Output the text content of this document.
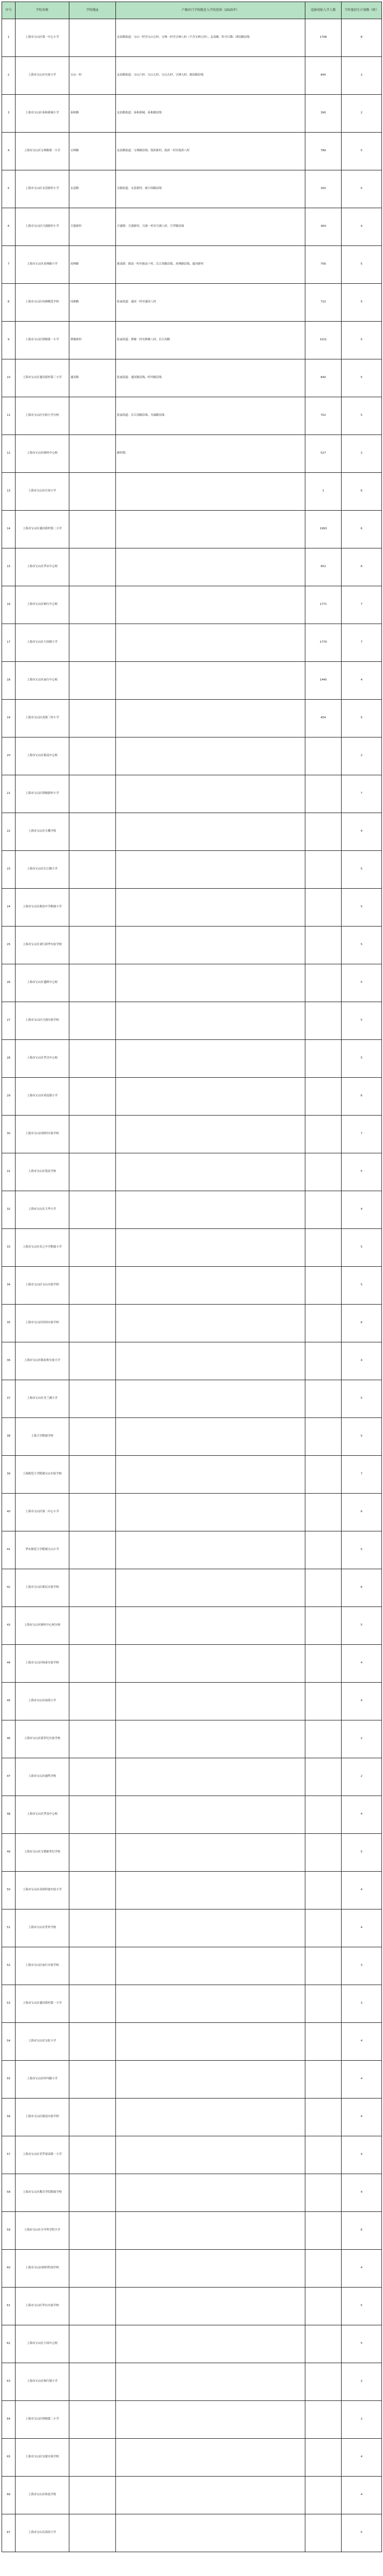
序号	学校名称	学校地址	户籍对口学校就近入学的范围（2025年）	适龄初始入学人数	当年度招生计划数（班）
1	上海市宝山区第一中心小学		友谊路街道：宝山一村至宝山五村、宝林一村至宝林八村（不含宝林五村）；友谊路、牡丹江路、团结路沿线	1708	8
2	上海市宝山区实验小学	宝山一村	友谊路街道：宝山六村、宝山七村、宝山九村、宝林九村、淞滨路沿线	840	2
3	上海市宝山区泰和新城小学	泰和路	友谊路街道：泰和新城、泰和路沿线	390	2
4	上海市宝山区宝林路第一小学	宝林路	友谊路街道：宝林路沿线、海滨新村、海滨一村至海滨八村	789	5
5	上海市宝山区永清新村小学	永清路	吴淞街道：永清新村、淞兴西路沿线	300	5
6	上海市宝山区月浦新村小学	月浦新村	月浦镇：月浦新村、月浦一村至月浦八村、月罗路沿线	364	4
7	上海市宝山区虎林路小学	虎林路	淞南镇：淞南一村至淞南十村、长江西路沿线、虎林路沿线、通河新村	756	5
8	上海市宝山区同洲模范学校	同洲路	张庙街道：通河一村至通河八村	710	5
9	上海市宝山区泗塘第一小学	泗塘新村	张庙街道：泗塘一村至泗塘八村、长江西路	1021	5
10	上海市宝山区通河新村第三小学	通河路	张庙街道：通河路沿线、呼玛路沿线	840	5
11	上海市宝山区实验小学分校		张庙街道：长江西路沿线、共康路沿线	702	5
12	上海市宝山区顾村中心校		顾村镇：	527	2
13	上海市宝山区行知小学			1	6
14	上海市宝山区通河新村第二小学			1993	6
15	上海市宝山区罗店中心校			652	6
16	上海市宝山区杨行中心校			1771	7
17	上海市宝山区大场镇小学			1779	7
18	上海市宝山区庙行中心校			1440	4
19	上海市宝山区高境三村小学			454	5
20	上海市宝山区淞南中心校				2
21	上海市宝山区泗塘新村小学				7
22	上海市宝山区天馨学校				4
23	上海市宝山区长江路小学				5
24	上海市宝山区淞谊中学附属小学				5
25	上海市宝山区刘行新华实验学校				5
26	上海市宝山区盛桥中心校				5
27	上海市宝山区月浦实验学校				5
28	上海市宝山区罗泾中心校				5
29	上海市宝山区祁连镇小学				6
30	上海市宝山区顾村实验学校				7
31	上海市宝山区菊泉学校				5
32	上海市宝山区大华小学				4
33	上海市宝山区乐之中学附属小学				5
34	上海市宝山区宝山实验学校				5
35	上海市宝山区经纬实验学校				6
36	上海市宝山区陈伯吹实验小学				4
37	上海市宝山区美兰湖小学				5
38	上海大学附属学校				5
39	上海师范大学附属宝山实验学校				7
40	上海市宝山区第二中心小学				6
41	华东师范大学附属宝山小学				5
42	上海市宝山区新民实验学校				6
43	上海市宝山区顾村中心校分校				5
44	上海市宝山区杨泰实验学校				4
45	上海市宝山区绿苑小学				4
46	上海市宝山区新世纪实验学校				2
47	上海市宝山区鹿鸣学校				2
48	上海市宝山区罗南中心校				4
49	上海市宝山区宝钢新世纪学校				5
50	上海市宝山区高境科创实验小学				4
51	上海市宝山区世外学校				4
52	上海市宝山区庙行实验学校				3
53	上海市宝山区通河新村第一小学				3
54	上海市宝山区宝虹小学				4
55	上海市宝山区呼玛路小学				4
56	上海市宝山区淞南实验学校				4
57	上海市宝山区美罗家园第一小学				4
58	上海市宝山区教育学院附属学校				4
59	上海市宝山区少年科学院小学				6
60	上海市宝山区顾村科创学校				4
61	上海市宝山区罗店实验学校				5
62	上海市宝山区大场中心校				5
63	上海市宝山区杨行镇小学				2
64	上海市宝山区泗塘第二小学				2
65	上海市宝山区吴淞实验学校				4
66	上海市宝山区和衷学校				4
67	上海市宝山区海滨小学				5
